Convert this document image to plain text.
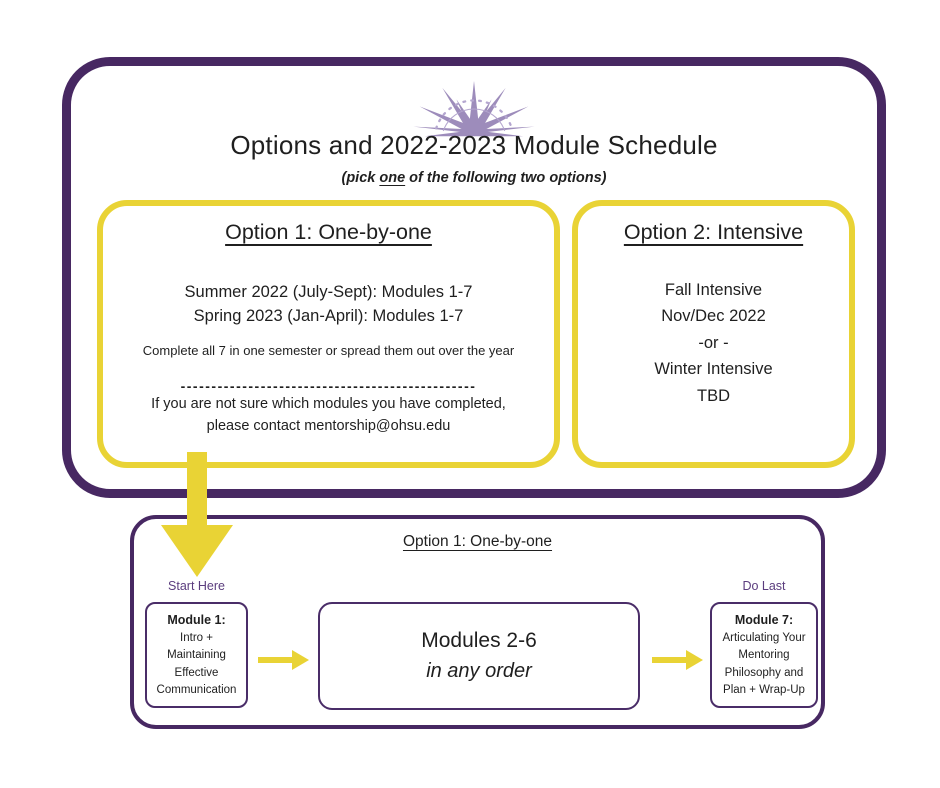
Options and 2022-2023 Module Schedule

(pick one of the following two options)

Option 1: One-by-one

Summer 2022 (July-Sept): Modules 1-7

Spring 2023 (Jan-April): Modules 1-7

Complete all 7 in one semester or spread them out over the year

------------------------------------------------

If you are not sure which modules you have completed,

please contact mentorship@ohsu.edu

Option 2: Intensive

Fall Intensive

Nov/Dec 2022

-or -

Winter Intensive

TBD

Option 1: One-by-one
Start Here	Do Last

Module 1:

Intro +

Maintaining

Effective

Communication

Modules 2-6

in any order

Module 7:

Articulating Your

Mentoring

Philosophy and

Plan + Wrap-Up
